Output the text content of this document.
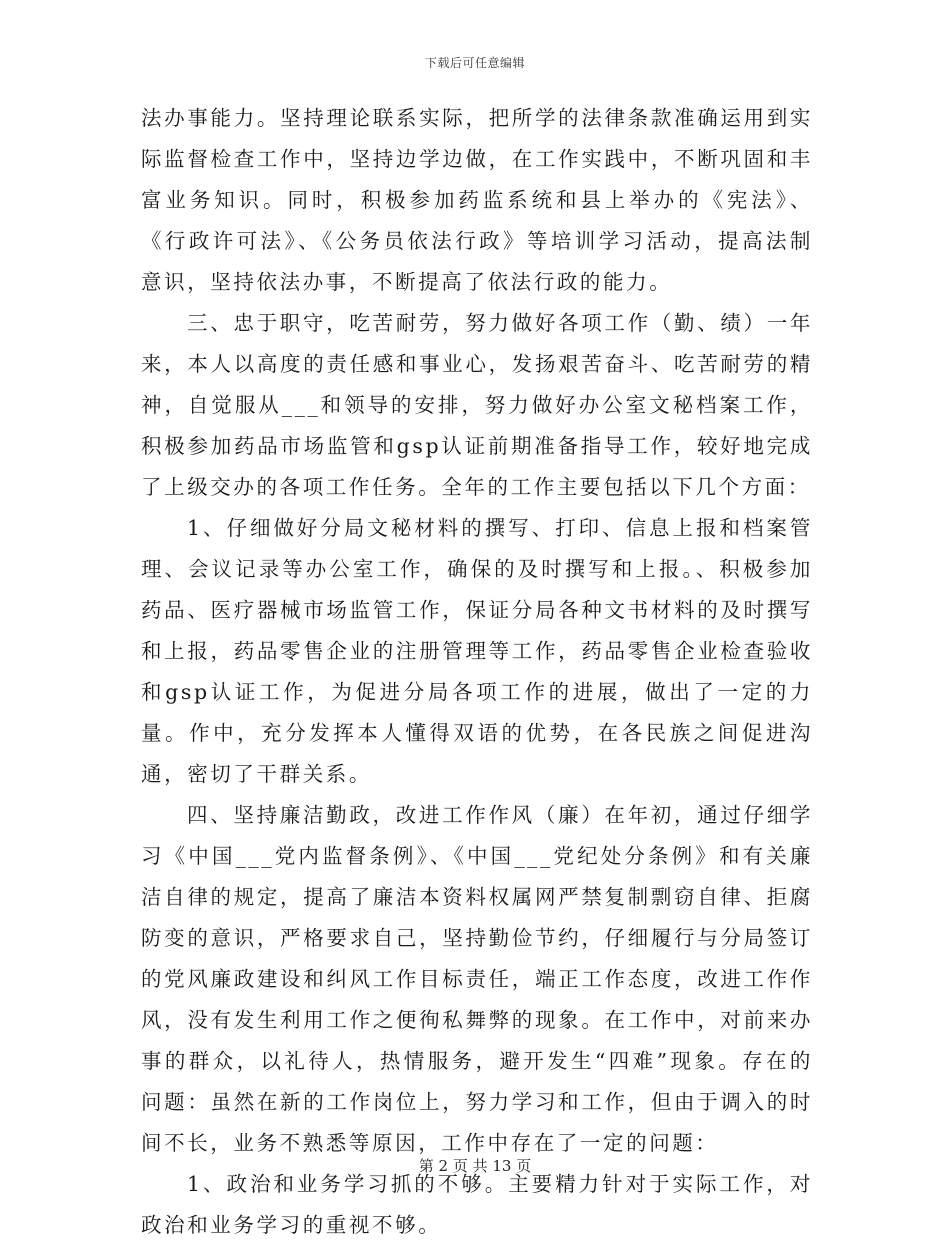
下载后可任意编辑

法办事能力。坚持理论联系实际，把所学的法律条款准确运用到实际监督检查工作中，坚持边学边做，在工作实践中，不断巩固和丰富业务知识。同时，积极参加药监系统和县上举办的《宪法》、《行政许可法》、《公务员依法行政》等培训学习活动，提高法制意识，坚持依法办事，不断提高了依法行政的能力。

三、忠于职守，吃苦耐劳，努力做好各项工作（勤、绩）一年来，本人以高度的责任感和事业心，发扬艰苦奋斗、吃苦耐劳的精神，自觉服从___和领导的安排，努力做好办公室文秘档案工作，积极参加药品市场监管和gsp认证前期准备指导工作，较好地完成了上级交办的各项工作任务。全年的工作主要包括以下几个方面：

1、仔细做好分局文秘材料的撰写、打印、信息上报和档案管理、会议记录等办公室工作，确保的及时撰写和上报。、积极参加药品、医疗器械市场监管工作，保证分局各种文书材料的及时撰写和上报，药品零售企业的注册管理等工作，药品零售企业检查验收和gsp认证工作，为促进分局各项工作的进展，做出了一定的力量。作中，充分发挥本人懂得双语的优势，在各民族之间促进沟通，密切了干群关系。

四、坚持廉洁勤政，改进工作作风（廉）在年初，通过仔细学习《中国___党内监督条例》、《中国___党纪处分条例》和有关廉洁自律的规定，提高了廉洁本资料权属网严禁复制剽窃自律、拒腐防变的意识，严格要求自己，坚持勤俭节约，仔细履行与分局签订的党风廉政建设和纠风工作目标责任，端正工作态度，改进工作作风，没有发生利用工作之便徇私舞弊的现象。在工作中，对前来办事的群众，以礼待人，热情服务，避开发生“四难”现象。存在的问题：虽然在新的工作岗位上，努力学习和工作，但由于调入的时间不长，业务不熟悉等原因，工作中存在了一定的问题：

1、政治和业务学习抓的不够。主要精力针对于实际工作，对政治和业务学习的重视不够。

第 2 页 共 13 页
